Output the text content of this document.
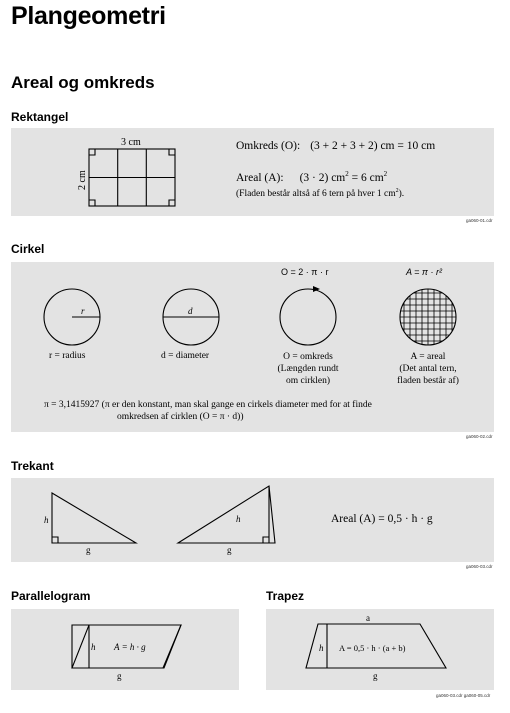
Plangeometri
Areal og omkreds
Rektangel
3 cm
2 cm
Omkreds (O): (3 + 2 + 3 + 2) cm = 10 cm
Areal (A): (3 · 2) $cm^2 = 6$ $cm^2$
(Fladen består altså af 6 tern på hver 1 $cm^2$).
ga060-01.cdr
Cirkel
r	d
O = 2 · π · r	A = π · r²
r = radius	d = diameter	O = omkreds
(Længden rundt
om cirklen)
A = areal
(Det antal tern,
fladen består af)
π = 3,1415927 (π er den konstant, man skal gange en cirkels diameter med for at finde
omkredsen af cirklen (O = π · d))
ga060-02.cdr
Trekant
h
g
h
g
Areal (A) = 0,5 · h · g
ga060-03.cdr
Parallelogram
h A = h · g
g
Trapez
a
h A = 0,5 · h · (a + b)
g
ga060-03.cdr ga060-05.cdr
